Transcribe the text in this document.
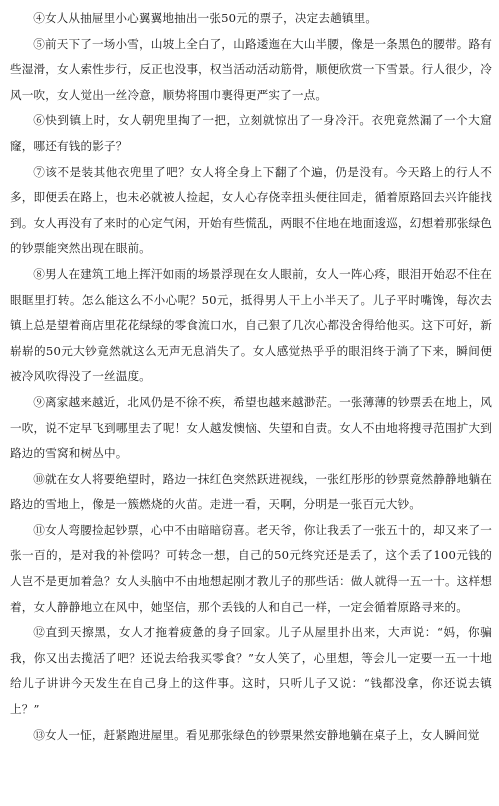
④女人从抽屉里小心翼翼地抽出一张50元的票子，决定去趟镇里。

⑤前天下了一场小雪，山坡上全白了，山路逶迤在大山半腰，像是一条黑色的腰带。路有些湿滑，女人索性步行，反正也没事，权当活动活动筋骨，顺便欣赏一下雪景。行人很少，冷风一吹，女人觉出一丝冷意，顺势将围巾裹得更严实了一点。

⑥快到镇上时，女人朝兜里掏了一把，立刻就惊出了一身冷汗。衣兜竟然漏了一个大窟窿，哪还有钱的影子？

⑦该不是装其他衣兜里了吧？女人将全身上下翻了个遍，仍是没有。今天路上的行人不多，即便丢在路上，也未必就被人捡起，女人心存侥幸扭头便往回走，循着原路回去兴许能找到。女人再没有了来时的心定气闲，开始有些慌乱，两眼不住地在地面逡巡，幻想着那张绿色的钞票能突然出现在眼前。

⑧男人在建筑工地上挥汗如雨的场景浮现在女人眼前，女人一阵心疼，眼泪开始忍不住在眼眶里打转。怎么能这么不小心呢？50元，抵得男人干上小半天了。儿子平时嘴馋，每次去镇上总是望着商店里花花绿绿的零食流口水，自己狠了几次心都没舍得给他买。这下可好，新崭崭的50元大钞竟然就这么无声无息消失了。女人感觉热乎乎的眼泪终于淌了下来，瞬间便被冷风吹得没了一丝温度。

⑨离家越来越近，北风仍是不徐不疾，希望也越来越渺茫。一张薄薄的钞票丢在地上，风一吹，说不定早飞到哪里去了呢！女人越发懊恼、失望和自责。女人不由地将搜寻范围扩大到路边的雪窝和树丛中。

⑩就在女人将要绝望时，路边一抹红色突然跃进视线，一张红彤彤的钞票竟然静静地躺在路边的雪地上，像是一簇燃烧的火苗。走进一看，天啊，分明是一张百元大钞。

⑪女人弯腰捡起钞票，心中不由暗暗窃喜。老天爷，你让我丢了一张五十的，却又来了一张一百的，是对我的补偿吗？可转念一想，自己的50元终究还是丢了，这个丢了100元钱的人岂不是更加着急？女人头脑中不由地想起刚才教儿子的那些话：做人就得一五一十。这样想着，女人静静地立在风中，她坚信，那个丢钱的人和自己一样，一定会循着原路寻来的。

⑫直到天擦黑，女人才拖着疲惫的身子回家。儿子从屋里扑出来，大声说：“妈，你骗我，你又出去揽活了吧？还说去给我买零食？”女人笑了，心里想，等会儿一定要一五一十地给儿子讲讲今天发生在自己身上的这件事。这时，只听儿子又说：“钱都没拿，你还说去镇上？”

⑬女人一怔，赶紧跑进屋里。看见那张绿色的钞票果然安静地躺在桌子上，女人瞬间觉
